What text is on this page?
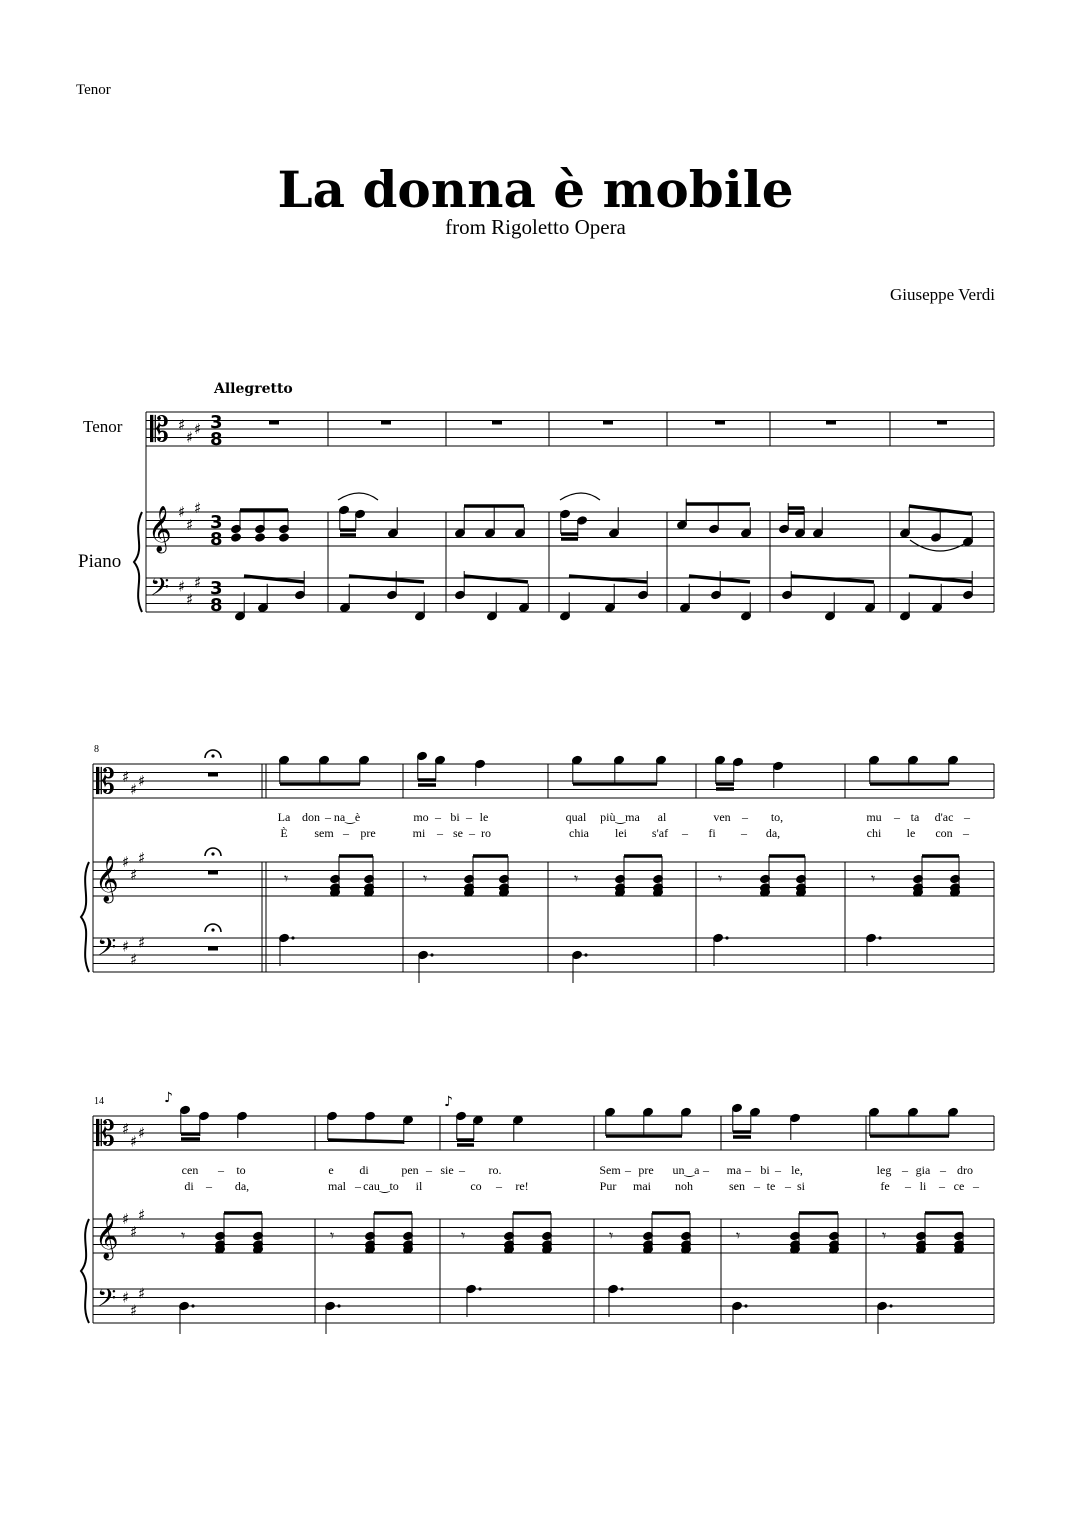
Tenor
La donna è mobile
from Rigoletto Opera
Giuseppe Verdi
Allegretto
Tenor
Piano
8
14
La don – na‿è	mo – bi – le	qual più‿ma al	ven – to,	mu – ta d'ac –
È sem – pre	mi – se – ro	chia lei s'af – fi – da,	chi le con –
cen – to	e di	pen – sie – ro.	Sem – pre un‿a – ma – bi – le,	leg – gia – dro
di – da,	mal – cau‿to il	co – re!	Pur mai noh	sen – te – si	fe – li – ce –
𝄡 ♯
♯ ♯
𝄞 ♯
♯
♯
𝄢 ♯
♯
♯
3
8
3
8
3
8
𝄡 ♯
♯ ♯
𝄞 ♯
♯
♯
𝄢 ♯
♯
♯
𝄾	𝄾	𝄾	𝄾	𝄾
𝄡 ♯
♯ ♯
𝄞 ♯
♯
♯
𝄢 ♯
♯
♯
♪	♪
𝄾	𝄾	𝄾	𝄾	𝄾	𝄾
